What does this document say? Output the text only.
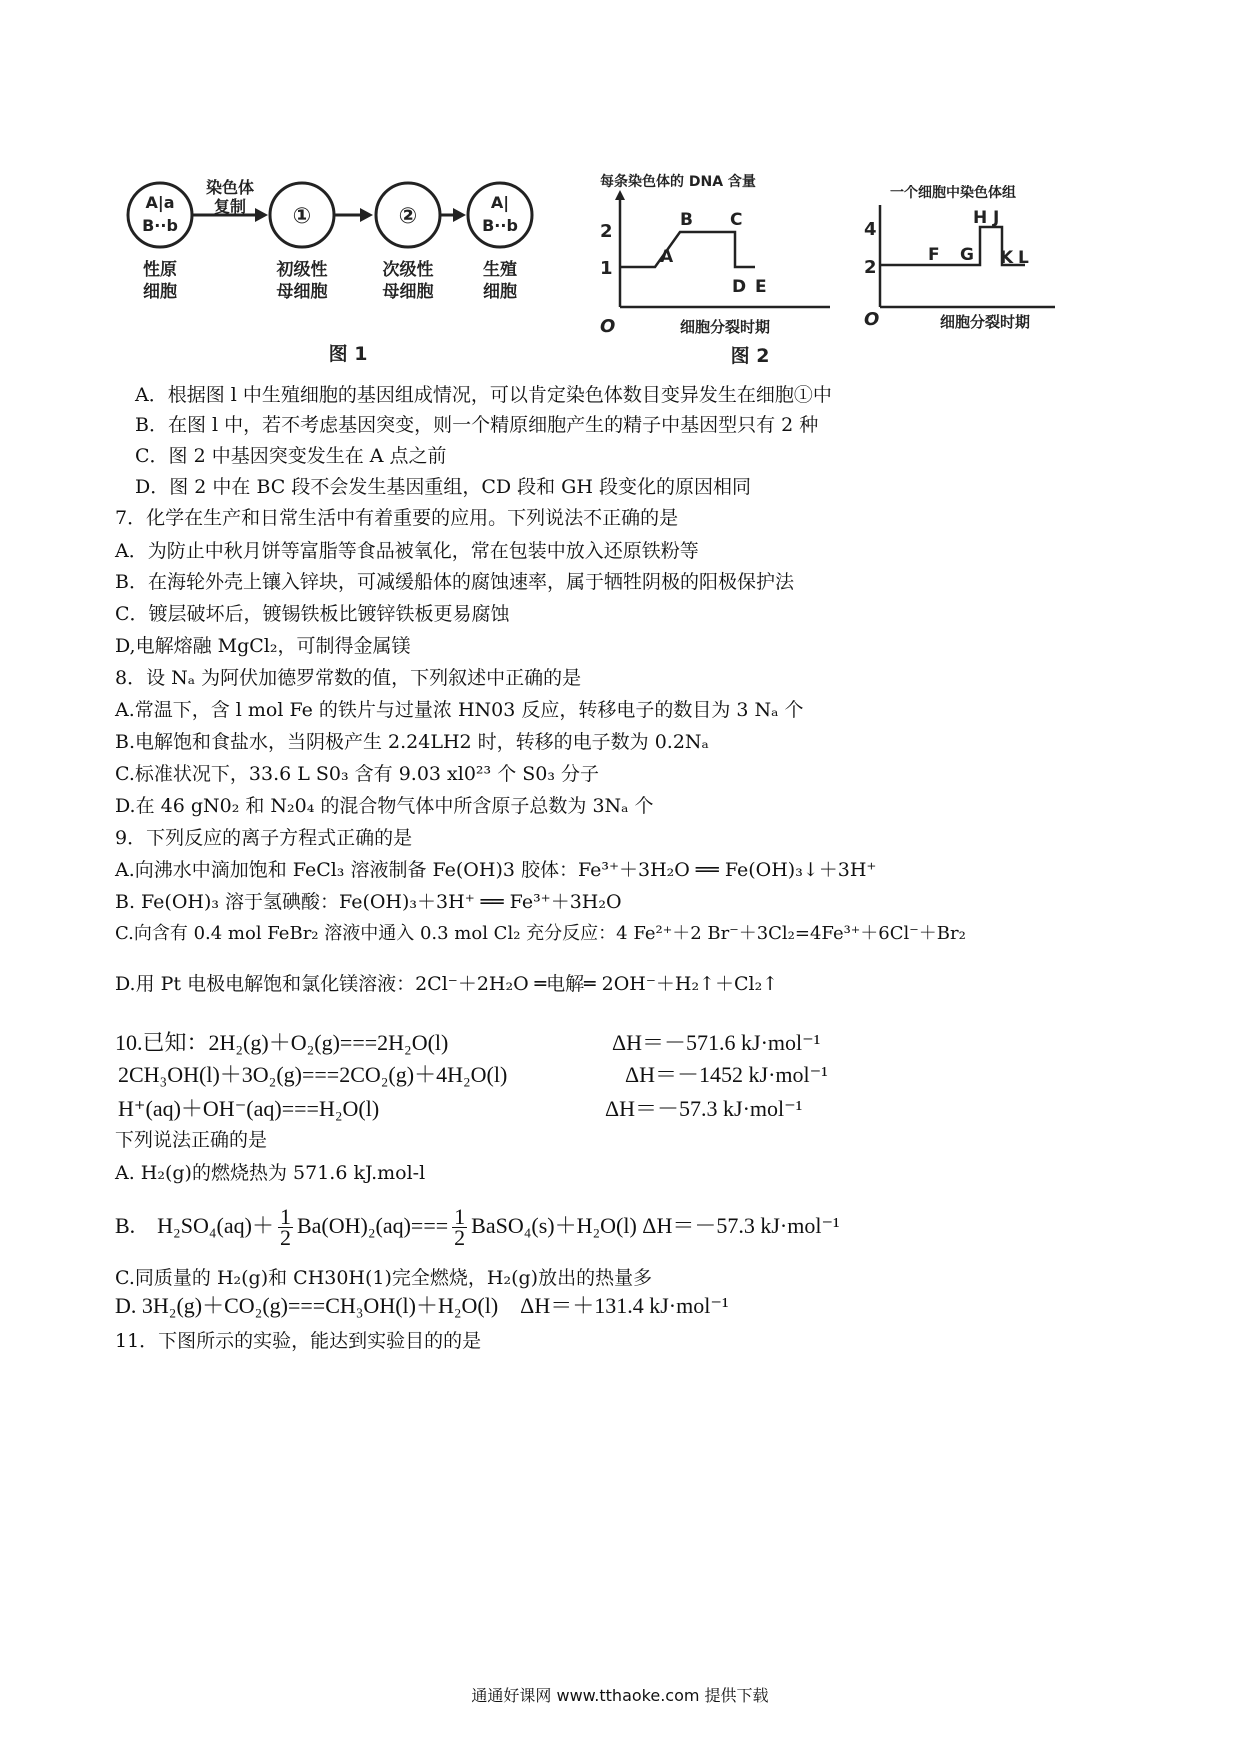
A|a
B··b
染色体
复制 ①	②
A|
B··b
性原
细胞
初级性
母细胞
次级性
母细胞
生殖
细胞
图 1
每条染色体的 DNA 含量
2
1
A
B C
D E
O	细胞分裂时期
图 2
一个细胞中染色体组
4
2
F G
H J
K L
O	细胞分裂时期
A．根据图 l 中生殖细胞的基因组成情况，可以肯定染色体数目变异发生在细胞①中
B．在图 l 中，若不考虑基因突变，则一个精原细胞产生的精子中基因型只有 2 种
C．图 2 中基因突变发生在 A 点之前
D．图 2 中在 BC 段不会发生基因重组，CD 段和 GH 段变化的原因相同
7．化学在生产和日常生活中有着重要的应用。下列说法不正确的是
A．为防止中秋月饼等富脂等食品被氧化，常在包装中放入还原铁粉等
B．在海轮外壳上镶入锌块，可减缓船体的腐蚀速率，属于牺牲阴极的阳极保护法
C．镀层破坏后，镀锡铁板比镀锌铁板更易腐蚀
D,电解熔融 MgCl₂，可制得金属镁
8．设 Nₐ 为阿伏加德罗常数的值，下列叙述中正确的是
A.常温下，含 l mol Fe 的铁片与过量浓 HN03 反应，转移电子的数目为 3 Nₐ 个
B.电解饱和食盐水，当阴极产生 2.24LH2 时，转移的电子数为 0.2Nₐ
C.标准状况下，33.6 L S0₃ 含有 9.03 xl0²³ 个 S0₃ 分子
D.在 46 gN0₂ 和 N₂0₄ 的混合物气体中所含原子总数为 3Nₐ 个
9．下列反应的离子方程式正确的是
A.向沸水中滴加饱和 FeCl₃ 溶液制备 Fe(OH)3 胶体：Fe³⁺＋3H₂O ══ Fe(OH)₃↓＋3H⁺
B. Fe(OH)₃ 溶于氢碘酸：Fe(OH)₃＋3H⁺ ══ Fe³⁺＋3H₂O
C.向含有 0.4 mol FeBr₂ 溶液中通入 0.3 mol Cl₂ 充分反应：4 Fe²⁺＋2 Br⁻＋3Cl₂=4Fe³⁺＋6Cl⁻＋Br₂
D.用 Pt 电极电解饱和氯化镁溶液：2Cl⁻＋2H₂O ═电解═ 2OH⁻＋H₂↑＋Cl₂↑
10.已知：2H₂(g)＋O₂(g)===2H₂O(l)	ΔH＝－571.6 kJ·mol⁻¹
2CH₃OH(l)＋3O₂(g)===2CO₂(g)＋4H₂O(l)	ΔH＝－1452 kJ·mol⁻¹
H⁺(aq)＋OH⁻(aq)===H₂O(l)	ΔH＝－57.3 kJ·mol⁻¹
下列说法正确的是
A. H₂(g)的燃烧热为 571.6 kJ.mol-l
B.　$H_2SO_4(aq)+ \frac{1}{2} Ba(OH)_2(aq)=== \frac{1}{2}$ BaSO₄(s)＋H₂O(l) ΔH＝－57.3 kJ·mol⁻¹
C.同质量的 H₂(g)和 CH30H(1)完全燃烧，H₂(g)放出的热量多
D. 3H₂(g)＋CO₂(g)===CH₃OH(l)＋H₂O(l)　ΔH＝＋131.4 kJ·mol⁻¹
11．下图所示的实验，能达到实验目的的是
通通好课网 www.tthaoke.com 提供下载
